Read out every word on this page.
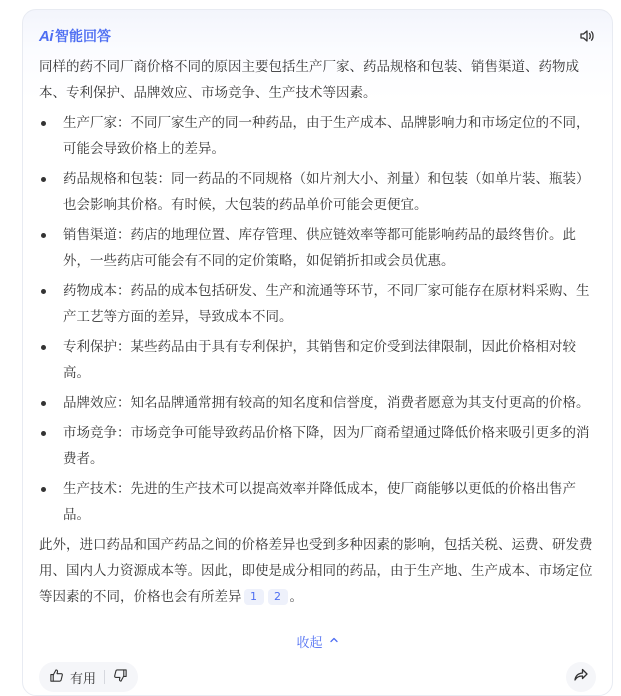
Ai 智能回答

同样的药不同厂商价格不同的原因主要包括生产厂家、药品规格和包装、销售渠道、药物成本、专利保护、品牌效应、市场竞争、生产技术等因素。

生产厂家：不同厂家生产的同一种药品，由于生产成本、品牌影响力和市场定位的不同，可能会导致价格上的差异。
药品规格和包装：同一药品的不同规格（如片剂大小、剂量）和包装（如单片装、瓶装）也会影响其价格。有时候，大包装的药品单价可能会更便宜。
销售渠道：药店的地理位置、库存管理、供应链效率等都可能影响药品的最终售价。此外，一些药店可能会有不同的定价策略，如促销折扣或会员优惠。
药物成本：药品的成本包括研发、生产和流通等环节，不同厂家可能存在原材料采购、生产工艺等方面的差异，导致成本不同。
专利保护：某些药品由于具有专利保护，其销售和定价受到法律限制，因此价格相对较高。
品牌效应：知名品牌通常拥有较高的知名度和信誉度，消费者愿意为其支付更高的价格。
市场竞争：市场竞争可能导致药品价格下降，因为厂商希望通过降低价格来吸引更多的消费者。
生产技术：先进的生产技术可以提高效率并降低成本，使厂商能够以更低的价格出售产品。

此外，进口药品和国产药品之间的价格差异也受到多种因素的影响，包括关税、运费、研发费用、国内人力资源成本等。因此，即使是成分相同的药品，由于生产地、生产成本、市场定位等因素的不同，价格也会有所差异 1 2 。

收起
有用
